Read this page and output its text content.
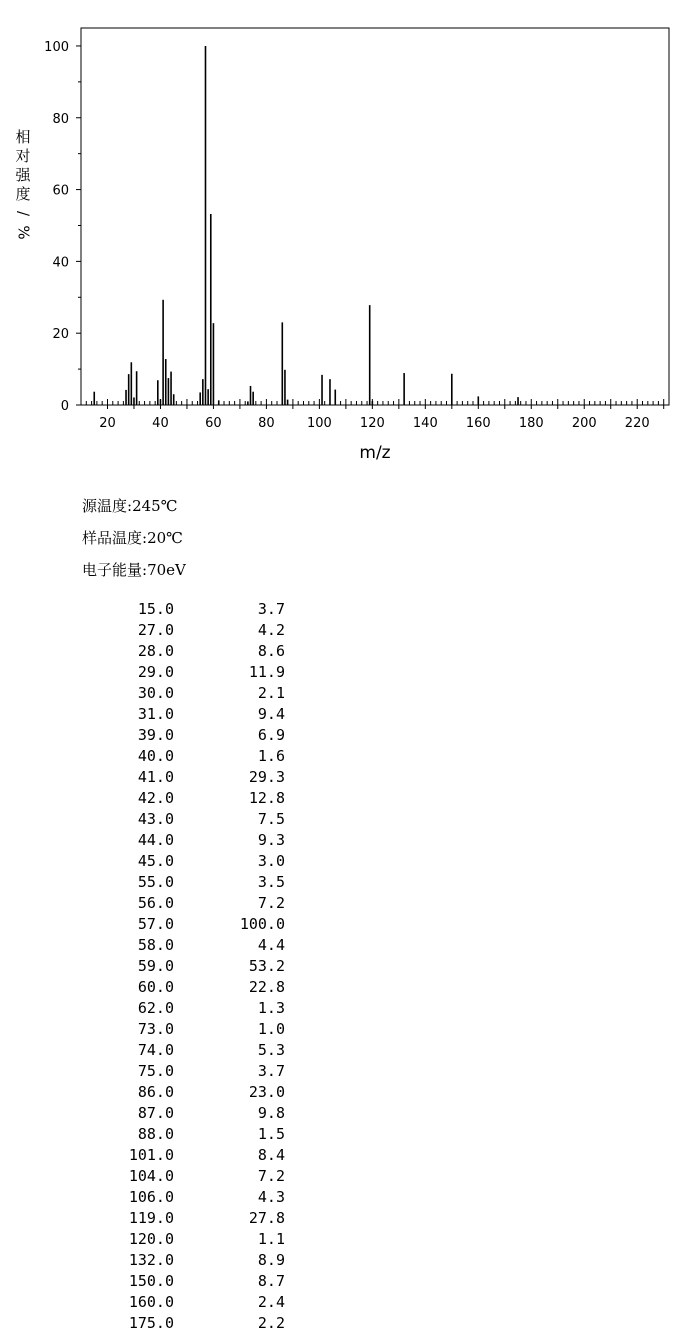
20	40	60	80 100 120 140 160 180 200 220
0
20
40
60
80
100
m/z
相
对
强
度
/
%
源温度:245℃
样品温度:20℃
电子能量:70eV
15.0	3.7
27.0	4.2
28.0	8.6
29.0	11.9
30.0	2.1
31.0	9.4
39.0	6.9
40.0	1.6
41.0	29.3
42.0	12.8
43.0	7.5
44.0	9.3
45.0	3.0
55.0	3.5
56.0	7.2
57.0	100.0
58.0	4.4
59.0	53.2
60.0	22.8
62.0	1.3
73.0	1.0
74.0	5.3
75.0	3.7
86.0	23.0
87.0	9.8
88.0	1.5
101.0	8.4
104.0	7.2
106.0	4.3
119.0	27.8
120.0	1.1
132.0	8.9
150.0	8.7
160.0	2.4
175.0	2.2
